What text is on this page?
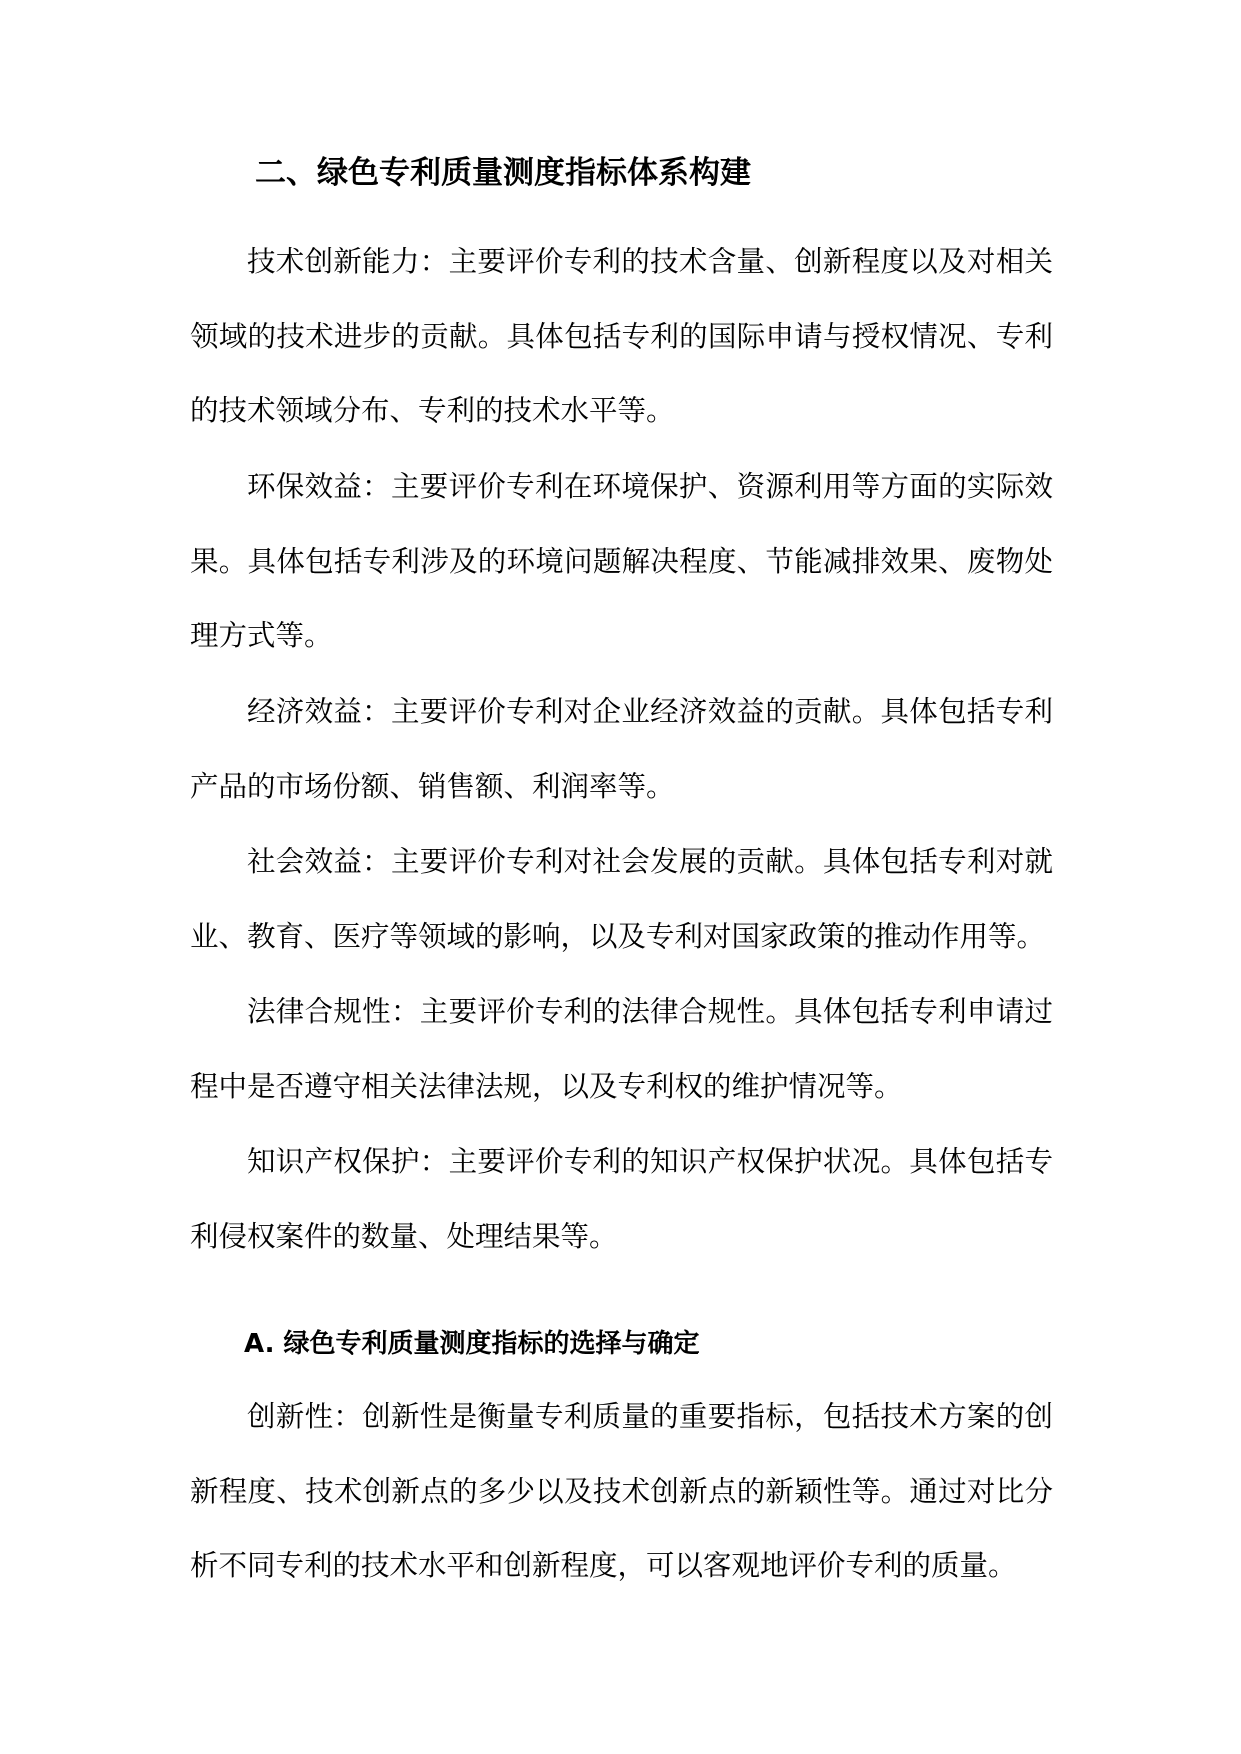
二、绿色专利质量测度指标体系构建

技术创新能力：主要评价专利的技术含量、创新程度以及对相关领域的技术进步的贡献。具体包括专利的国际申请与授权情况、专利的技术领域分布、专利的技术水平等。

环保效益：主要评价专利在环境保护、资源利用等方面的实际效果。具体包括专利涉及的环境问题解决程度、节能减排效果、废物处理方式等。

经济效益：主要评价专利对企业经济效益的贡献。具体包括专利产品的市场份额、销售额、利润率等。

社会效益：主要评价专利对社会发展的贡献。具体包括专利对就业、教育、医疗等领域的影响，以及专利对国家政策的推动作用等。

法律合规性：主要评价专利的法律合规性。具体包括专利申请过程中是否遵守相关法律法规，以及专利权的维护情况等。

知识产权保护：主要评价专利的知识产权保护状况。具体包括专利侵权案件的数量、处理结果等。

A. 绿色专利质量测度指标的选择与确定

创新性：创新性是衡量专利质量的重要指标，包括技术方案的创新程度、技术创新点的多少以及技术创新点的新颖性等。通过对比分析不同专利的技术水平和创新程度，可以客观地评价专利的质量。
